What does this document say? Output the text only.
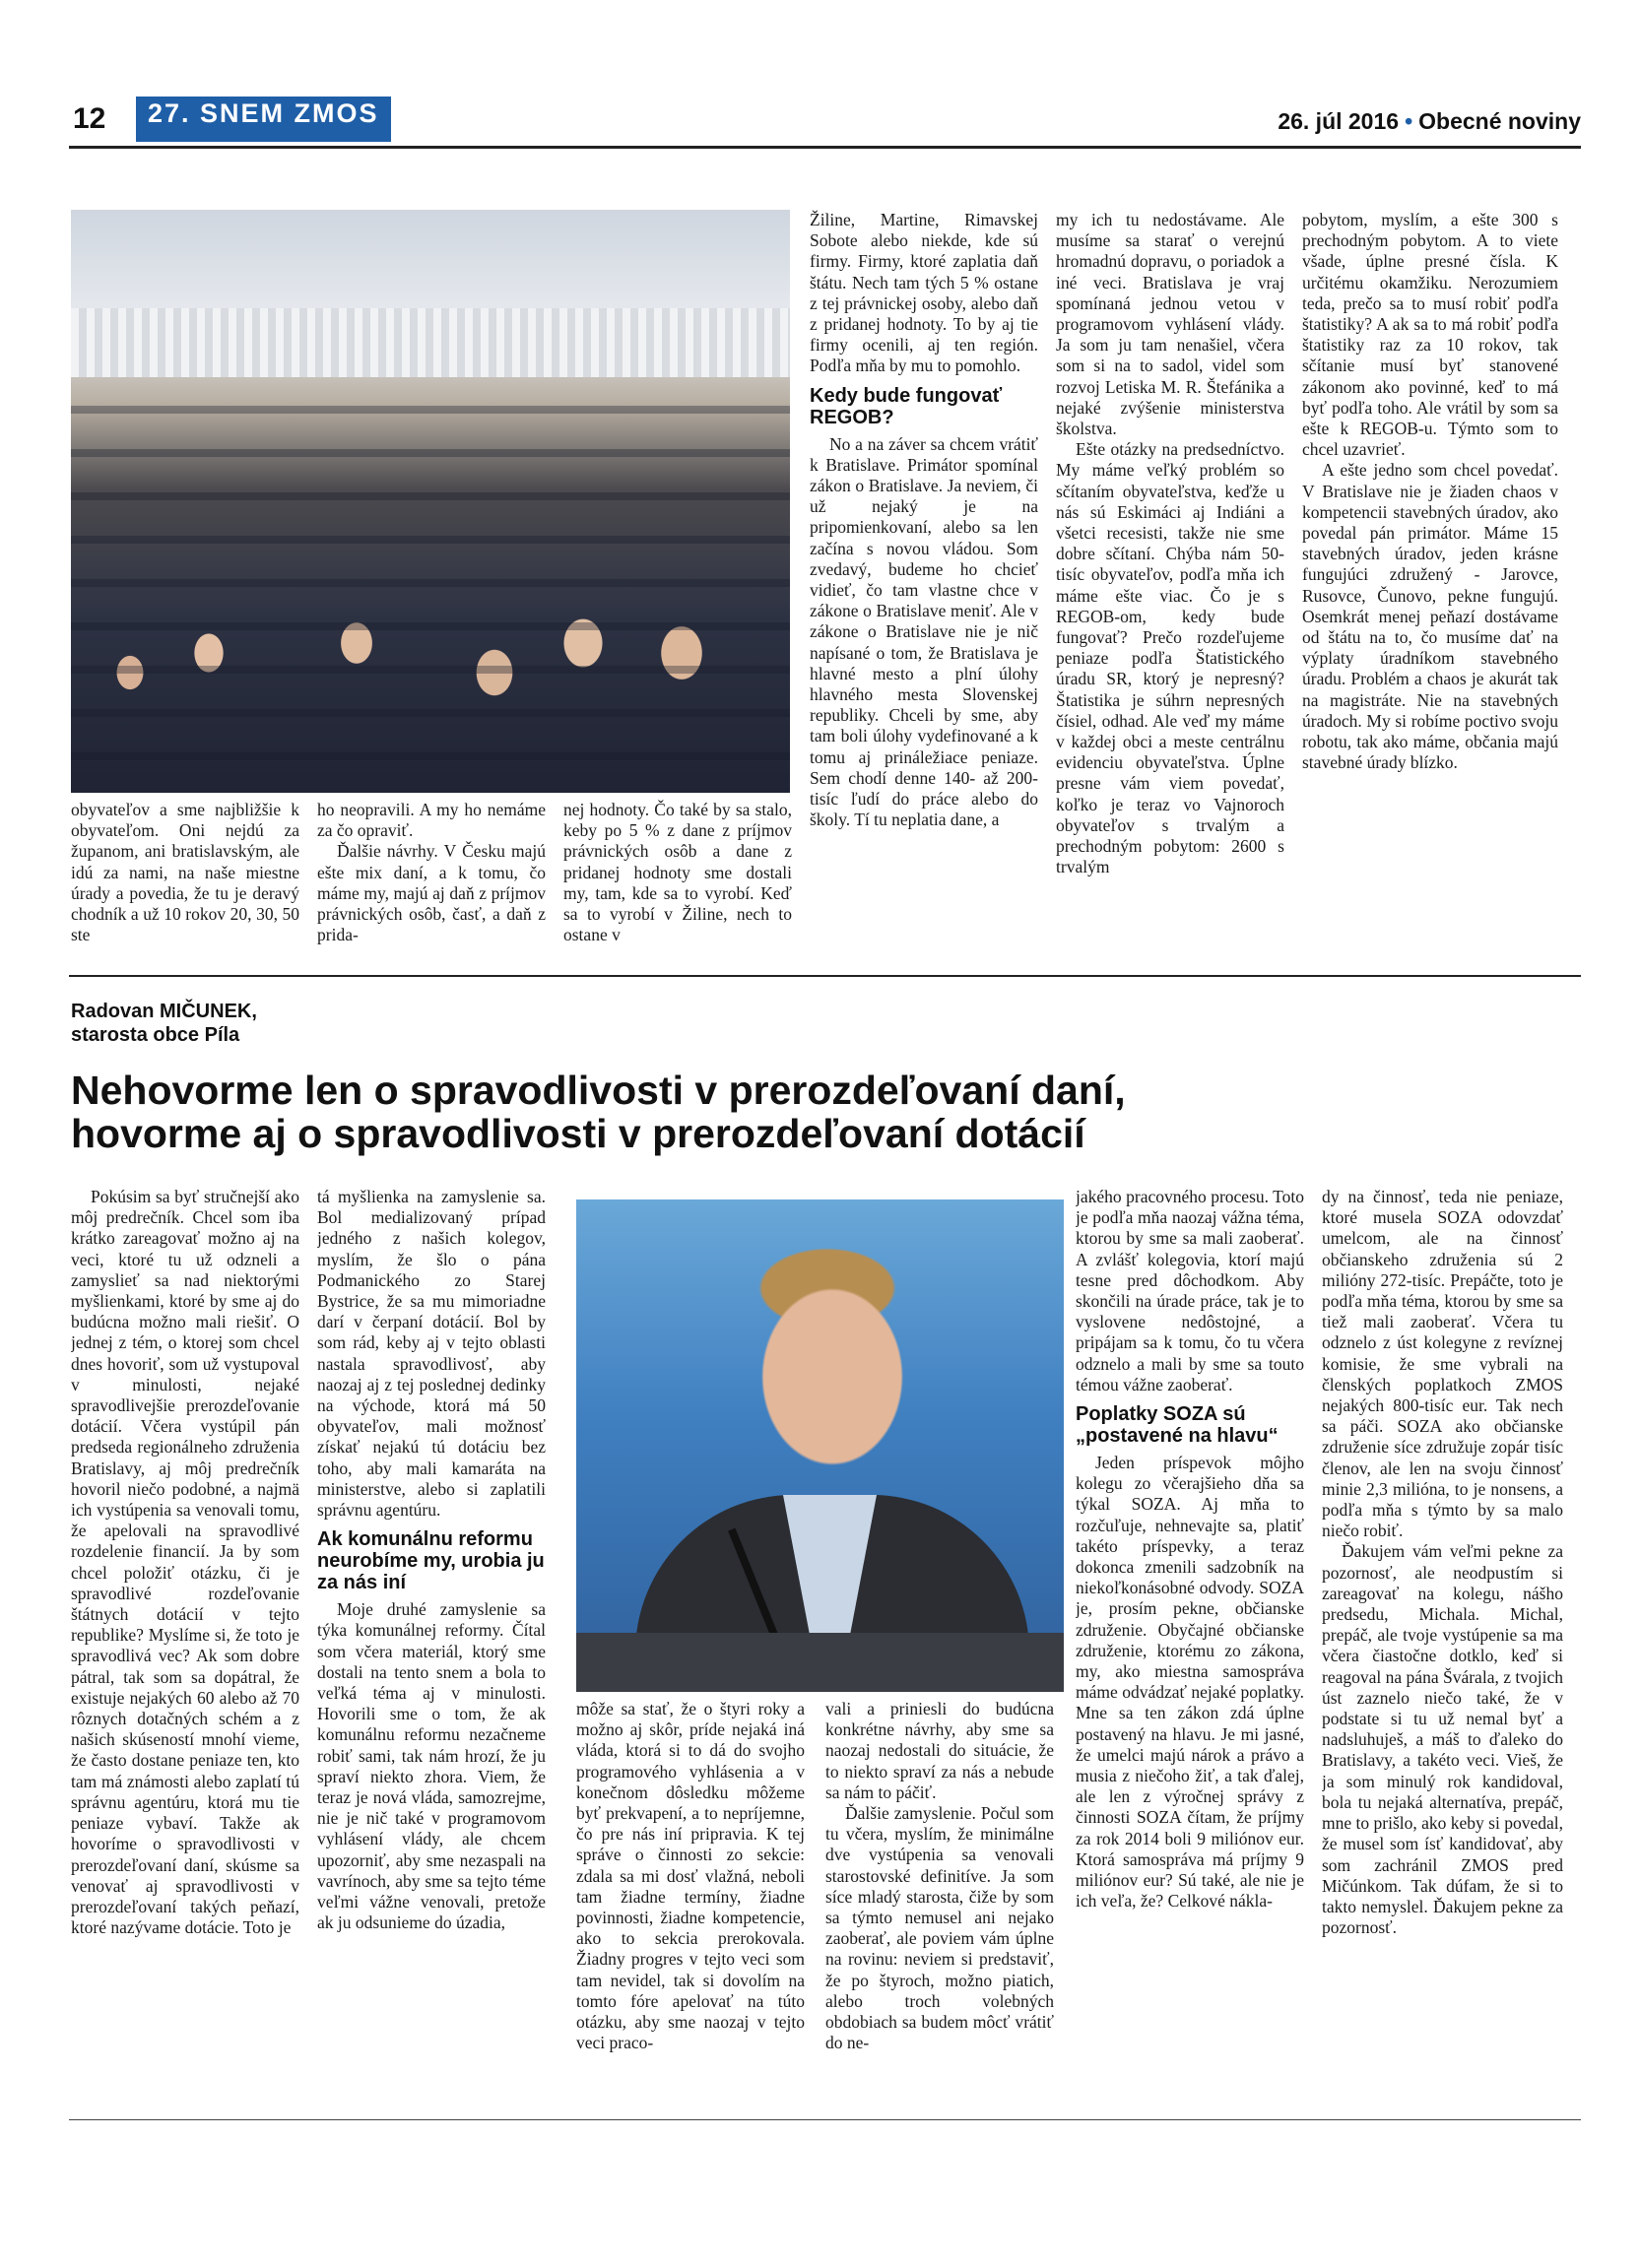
12	27. SNEM ZMOS	26. júl 2016 • Obecné noviny

obyvateľov a sme najbližšie k obyvateľom. Oni nejdú za županom, ani bratislavským, ale idú za nami, na naše miestne úrady a povedia, že tu je deravý chodník a už 10 rokov 20, 30, 50 ste

ho neopravili. A my ho nemáme za čo opraviť.

Ďalšie návrhy. V Česku majú ešte mix daní, a k tomu, čo máme my, majú aj daň z príjmov právnických osôb, časť, a daň z prida-

nej hodnoty. Čo také by sa stalo, keby po 5 % z dane z príjmov právnických osôb a dane z pridanej hodnoty sme dostali my, tam, kde sa to vyrobí. Keď sa to vyrobí v Žiline, nech to ostane v

Žiline, Martine, Rimavskej Sobote alebo niekde, kde sú firmy. Firmy, ktoré zaplatia daň štátu. Nech tam tých 5 % ostane z tej právnickej osoby, alebo daň z pridanej hodnoty. To by aj tie firmy ocenili, aj ten región. Podľa mňa by mu to pomohlo.

Kedy bude fungovať REGOB?

No a na záver sa chcem vrátiť k Bratislave. Primátor spomínal zákon o Bratislave. Ja neviem, či už nejaký je na pripomienkovaní, alebo sa len začína s novou vládou. Som zvedavý, budeme ho chcieť vidieť, čo tam vlastne chce v zákone o Bratislave meniť. Ale v zákone o Bratislave nie je nič napísané o tom, že Bratislava je hlavné mesto a plní úlohy hlavného mesta Slovenskej republiky. Chceli by sme, aby tam boli úlohy vydefinované a k tomu aj prináležiace peniaze. Sem chodí denne 140- až 200-tisíc ľudí do práce alebo do školy. Tí tu neplatia dane, a

my ich tu nedostávame. Ale musíme sa starať o verejnú hromadnú dopravu, o poriadok a iné veci. Bratislava je vraj spomínaná jednou vetou v programovom vyhlásení vlády. Ja som ju tam nenašiel, včera som si na to sadol, videl som rozvoj Letiska M. R. Štefánika a nejaké zvýšenie ministerstva školstva.

Ešte otázky na predsedníctvo. My máme veľký problém so sčítaním obyvateľstva, keďže u nás sú Eskimáci aj Indiáni a všetci recesisti, takže nie sme dobre sčítaní. Chýba nám 50- tisíc obyvateľov, podľa mňa ich máme ešte viac. Čo je s REGOB-om, kedy bude fungovať? Prečo rozdeľujeme peniaze podľa Štatistického úradu SR, ktorý je nepresný? Štatistika je súhrn nepresných čísiel, odhad. Ale veď my máme v každej obci a meste centrálnu evidenciu obyvateľstva. Úplne presne vám viem povedať, koľko je teraz vo Vajnoroch obyvateľov s trvalým a prechodným pobytom: 2600 s trvalým

pobytom, myslím, a ešte 300 s prechodným pobytom. A to viete všade, úplne presné čísla. K určitému okamžiku. Nerozumiem teda, prečo sa to musí robiť podľa štatistiky? A ak sa to má robiť podľa štatistiky raz za 10 rokov, tak sčítanie musí byť stanovené zákonom ako povinné, keď to má byť podľa toho. Ale vrátil by som sa ešte k REGOB-u. Týmto som to chcel uzavrieť.

A ešte jedno som chcel povedať. V Bratislave nie je žiaden chaos v kompetencii stavebných úradov, ako povedal pán primátor. Máme 15 stavebných úradov, jeden krásne fungujúci združený - Jarovce, Rusovce, Čunovo, pekne fungujú. Osemkrát menej peňazí dostávame od štátu na to, čo musíme dať na výplaty úradníkom stavebného úradu. Problém a chaos je akurát tak na magistráte. Nie na stavebných úradoch. My si robíme poctivo svoju robotu, tak ako máme, občania majú stavebné úrady blízko.

Radovan MIČUNEK,
starosta obce Píla
Nehovorme len o spravodlivosti v prerozdeľovaní daní,
hovorme aj o spravodlivosti v prerozdeľovaní dotácií

Pokúsim sa byť stručnejší ako môj predrečník. Chcel som iba krátko zareagovať možno aj na veci, ktoré tu už odzneli a zamyslieť sa nad niektorými myšlienkami, ktoré by sme aj do budúcna možno mali riešiť. O jednej z tém, o ktorej som chcel dnes hovoriť, som už vystupoval v minulosti, nejaké spravodlivejšie prerozdeľovanie dotácií. Včera vystúpil pán predseda regionálneho združenia Bratislavy, aj môj predrečník hovoril niečo podobné, a najmä ich vystúpenia sa venovali tomu, že apelovali na spravodlivé rozdelenie financií. Ja by som chcel položiť otázku, či je spravodlivé rozdeľovanie štátnych dotácií v tejto republike? Myslíme si, že toto je spravodlivá vec? Ak som dobre pátral, tak som sa dopátral, že existuje nejakých 60 alebo až 70 rôznych dotačných schém a z našich skúseností mnohí vieme, že často dostane peniaze ten, kto tam má známosti alebo zaplatí tú správnu agentúru, ktorá mu tie peniaze vybaví. Takže ak hovoríme o spravodlivosti v prerozdeľovaní daní, skúsme sa venovať aj spravodlivosti v prerozdeľovaní takých peňazí, ktoré nazývame dotácie. Toto je

tá myšlienka na zamyslenie sa. Bol medializovaný prípad jedného z našich kolegov, myslím, že šlo o pána Podmanického zo Starej Bystrice, že sa mu mimoriadne darí v čerpaní dotácií. Bol by som rád, keby aj v tejto oblasti nastala spravodlivosť, aby naozaj aj z tej poslednej dedinky na východe, ktorá má 50 obyvateľov, mali možnosť získať nejakú tú dotáciu bez toho, aby mali kamaráta na ministerstve, alebo si zaplatili správnu agentúru.

Ak komunálnu reformu neurobíme my, urobia ju za nás iní

Moje druhé zamyslenie sa týka komunálnej reformy. Čítal som včera materiál, ktorý sme dostali na tento snem a bola to veľká téma aj v minulosti. Hovorili sme o tom, že ak komunálnu reformu nezačneme robiť sami, tak nám hrozí, že ju spraví niekto zhora. Viem, že teraz je nová vláda, samozrejme, nie je nič také v programovom vyhlásení vlády, ale chcem upozorniť, aby sme nezaspali na vavrínoch, aby sme sa tejto téme veľmi vážne venovali, pretože ak ju odsunieme do úzadia,

môže sa stať, že o štyri roky a možno aj skôr, príde nejaká iná vláda, ktorá si to dá do svojho programového vyhlásenia a v konečnom dôsledku môžeme byť prekvapení, a to nepríjemne, čo pre nás iní pripravia. K tej správe o činnosti zo sekcie: zdala sa mi dosť vlažná, neboli tam žiadne termíny, žiadne povinnosti, žiadne kompetencie, ako to sekcia prerokovala. Žiadny progres v tejto veci som tam nevidel, tak si dovolím na tomto fóre apelovať na túto otázku, aby sme naozaj v tejto veci praco-

vali a priniesli do budúcna konkrétne návrhy, aby sme sa naozaj nedostali do situácie, že to niekto spraví za nás a nebude sa nám to páčiť.

Ďalšie zamyslenie. Počul som tu včera, myslím, že minimálne dve vystúpenia sa venovali starostovské definitíve. Ja som síce mladý starosta, čiže by som sa týmto nemusel ani nejako zaoberať, ale poviem vám úplne na rovinu: neviem si predstaviť, že po štyroch, možno piatich, alebo troch volebných obdobiach sa budem môcť vrátiť do ne-

jakého pracovného procesu. Toto je podľa mňa naozaj vážna téma, ktorou by sme sa mali zaoberať. A zvlášť kolegovia, ktorí majú tesne pred dôchodkom. Aby skončili na úrade práce, tak je to vyslovene nedôstojné, a pripájam sa k tomu, čo tu včera odznelo a mali by sme sa touto témou vážne zaoberať.

Poplatky SOZA sú „postavené na hlavu“

Jeden príspevok môjho kolegu zo včerajšieho dňa sa týkal SOZA. Aj mňa to rozčuľuje, nehnevajte sa, platiť takéto príspevky, a teraz dokonca zmenili sadzobník na niekoľkonásobné odvody. SOZA je, prosím pekne, občianske združenie. Obyčajné občianske združenie, ktorému zo zákona, my, ako miestna samospráva máme odvádzať nejaké poplatky. Mne sa ten zákon zdá úplne postavený na hlavu. Je mi jasné, že umelci majú nárok a právo a musia z niečoho žiť, a tak ďalej, ale len z výročnej správy z činnosti SOZA čítam, že príjmy za rok 2014 boli 9 miliónov eur. Ktorá samospráva má príjmy 9 miliónov eur? Sú také, ale nie je ich veľa, že? Celkové nákla-

dy na činnosť, teda nie peniaze, ktoré musela SOZA odovzdať umelcom, ale na činnosť občianskeho združenia sú 2 milióny 272-tisíc. Prepáčte, toto je podľa mňa téma, ktorou by sme sa tiež mali zaoberať. Včera tu odznelo z úst kolegyne z revíznej komisie, že sme vybrali na členských poplatkoch ZMOS nejakých 800-tisíc eur. Tak nech sa páči. SOZA ako občianske združenie síce združuje zopár tisíc členov, ale len na svoju činnosť minie 2,3 milióna, to je nonsens, a podľa mňa s týmto by sa malo niečo robiť.

Ďakujem vám veľmi pekne za pozornosť, ale neodpustím si zareagovať na kolegu, nášho predsedu, Michala. Michal, prepáč, ale tvoje vystúpenie sa ma včera čiastočne dotklo, keď si reagoval na pána Švárala, z tvojich úst zaznelo niečo také, že v podstate si tu už nemal byť a nadsluhuješ, a máš to ďaleko do Bratislavy, a takéto veci. Vieš, že ja som minulý rok kandidoval, bola tu nejaká alternatíva, prepáč, mne to prišlo, ako keby si povedal, že musel som ísť kandidovať, aby som zachránil ZMOS pred Mičúnkom. Tak dúfam, že si to takto nemyslel. Ďakujem pekne za pozornosť.
